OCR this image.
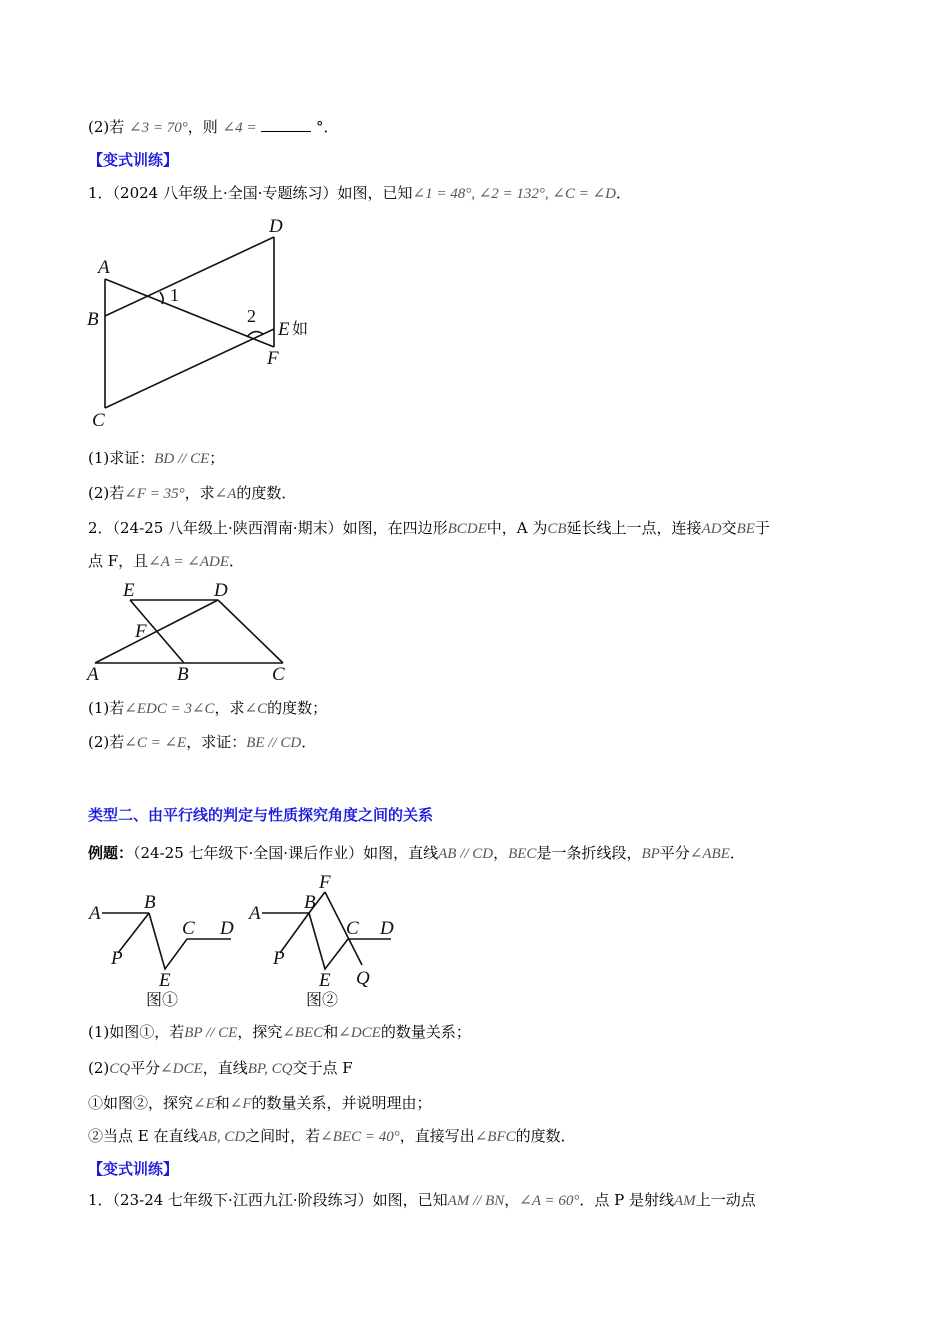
(2)若 ∠3 = 70°，则 ∠4 =	°．
【变式训练】
1．（2024 八年级上·全国·专题练习）如图，已知∠1 = 48°, ∠2 = 132°, ∠C = ∠D．
A
B
C
D
E 如
F
1
2
(1)求证：BD // CE；
(2)若∠F = 35°，求∠A的度数．
2．（24-25 八年级上·陕西渭南·期末）如图，在四边形BCDE中，A 为CB延长线上一点，连接AD交BE于
点 F，且∠A = ∠ADE．
E	D
F
A	B	C
(1)若∠EDC = 3∠C，求∠C的度数；
(2)若∠C = ∠E，求证：BE // CD．
类型二、由平行线的判定与性质探究角度之间的关系
例题：（24-25 七年级下·全国·课后作业）如图，直线AB // CD，BEC是一条折线段，BP平分∠ABE．
A
B
P
E
C D
图①
A
B
F
P
E
C D
Q
图②
(1)如图①，若BP // CE，探究∠BEC和∠DCE的数量关系；
(2)CQ平分∠DCE，直线BP, CQ交于点 F
①如图②，探究∠E和∠F的数量关系，并说明理由；
②当点 E 在直线AB, CD之间时，若∠BEC = 40°，直接写出∠BFC的度数．
【变式训练】
1．（23-24 七年级下·江西九江·阶段练习）如图，已知AM // BN，∠A = 60°．点 P 是射线AM上一动点
